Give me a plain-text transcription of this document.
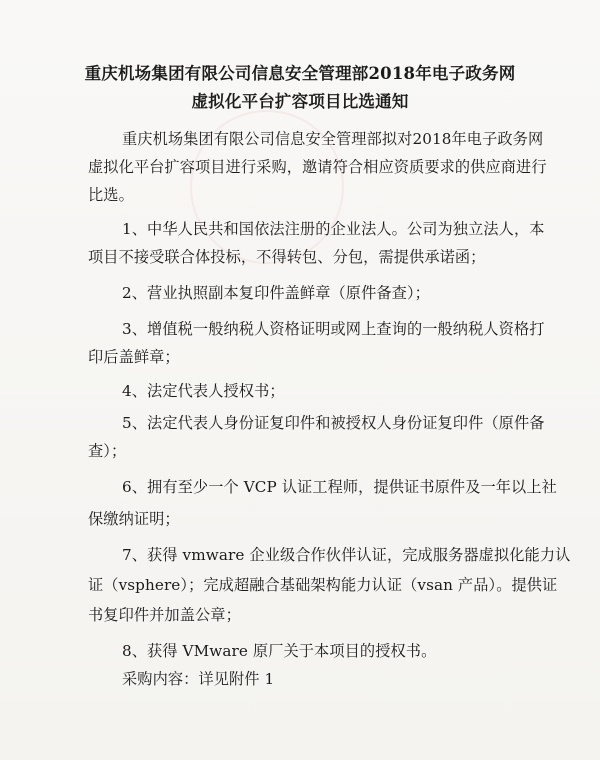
重庆机场集团有限公司信息安全管理部2018年电子政务网
虚拟化平台扩容项目比选通知
重庆机场集团有限公司信息安全管理部拟对2018年电子政务网
虚拟化平台扩容项目进行采购，邀请符合相应资质要求的供应商进行
比选。
1、中华人民共和国依法注册的企业法人。公司为独立法人，本
项目不接受联合体投标，不得转包、分包，需提供承诺函；
2、营业执照副本复印件盖鲜章（原件备查）；
3、增值税一般纳税人资格证明或网上查询的一般纳税人资格打
印后盖鲜章；
4、法定代表人授权书；
5、法定代表人身份证复印件和被授权人身份证复印件（原件备
查）；
6、拥有至少一个 VCP 认证工程师，提供证书原件及一年以上社
保缴纳证明；
7、获得 vmware 企业级合作伙伴认证，完成服务器虚拟化能力认
证（vsphere）；完成超融合基础架构能力认证（vsan 产品）。提供证
书复印件并加盖公章；
8、获得 VMware 原厂关于本项目的授权书。
采购内容：详见附件 1
